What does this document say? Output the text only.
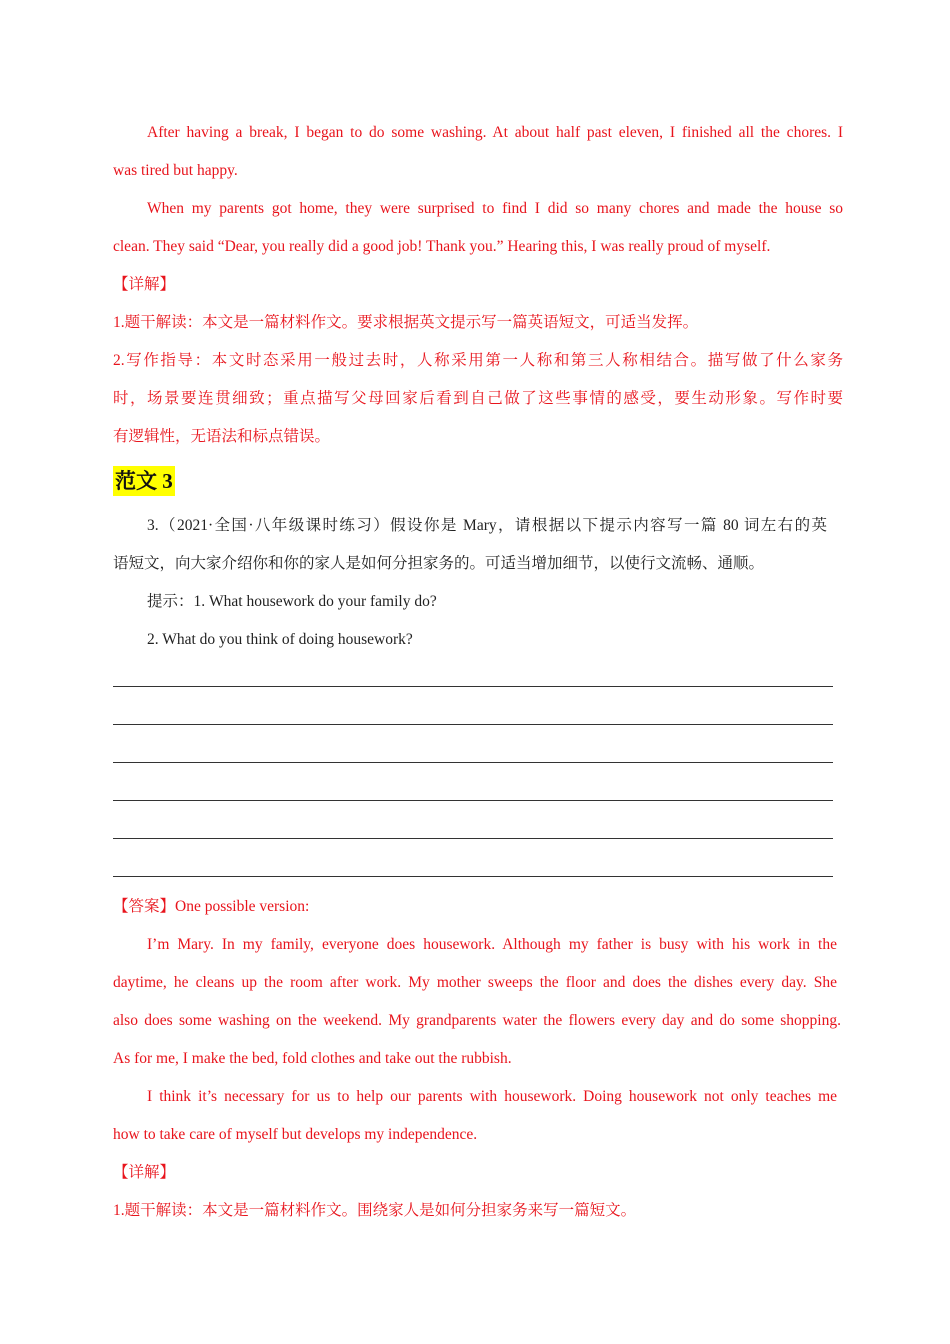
After having a break, I began to do some washing. At about half past eleven, I finished all the chores. I
was tired but happy.
When my parents got home, they were surprised to find I did so many chores and made the house so
clean. They said “Dear, you really did a good job! Thank you.” Hearing this, I was really proud of myself.
【详解】
1.题干解读：本文是一篇材料作文。要求根据英文提示写一篇英语短文，可适当发挥。
2.写作指导：本文时态采用一般过去时，人称采用第一人称和第三人称相结合。描写做了什么家务
时，场景要连贯细致；重点描写父母回家后看到自己做了这些事情的感受，要生动形象。写作时要
有逻辑性，无语法和标点错误。
范文 3
3.（2021·全国·八年级课时练习）假设你是 Mary，请根据以下提示内容写一篇 80 词左右的英
语短文，向大家介绍你和你的家人是如何分担家务的。可适当增加细节，以使行文流畅、通顺。
提示：1. What housework do your family do?
2. What do you think of doing housework?
【答案】One possible version:
I’m Mary. In my family, everyone does housework. Although my father is busy with his work in the
daytime, he cleans up the room after work. My mother sweeps the floor and does the dishes every day. She
also does some washing on the weekend. My grandparents water the flowers every day and do some shopping.
As for me, I make the bed, fold clothes and take out the rubbish.
I think it’s necessary for us to help our parents with housework. Doing housework not only teaches me
how to take care of myself but develops my independence.
【详解】
1.题干解读：本文是一篇材料作文。围绕家人是如何分担家务来写一篇短文。
